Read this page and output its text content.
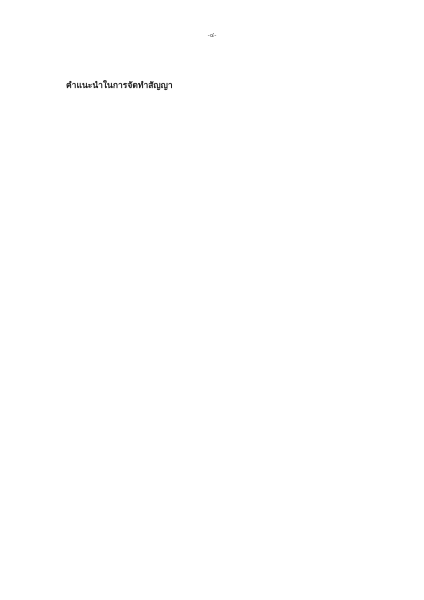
-๔-
คำแนะนำในการจัดทำสัญญา
